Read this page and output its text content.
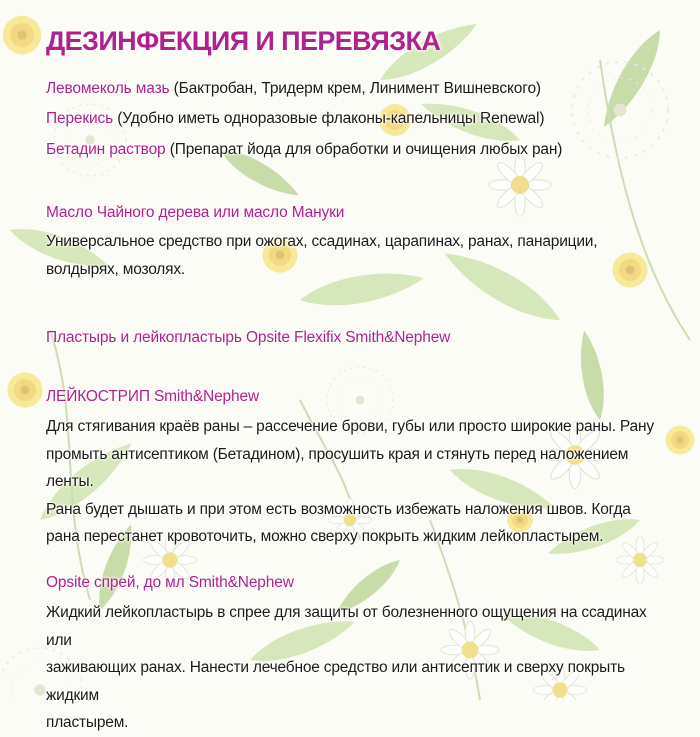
ДЕЗИНФЕКЦИЯ И ПЕРЕВЯЗКА
Левомеколь мазь (Бактробан, Тридерм крем, Линимент Вишневского)
Перекись (Удобно иметь одноразовые флаконы-капельницы Renewal)
Бетадин раствор (Препарат йода для обработки и очищения любых ран)
Масло Чайного дерева или масло Мануки
Универсальное средство при ожогах, ссадинах, царапинах, ранах, панариции,
волдырях, мозолях.
Пластырь и лейкопластырь Opsite Flexifix Smith&Nephew
ЛЕЙКОСТРИП Smith&Nephew
Для стягивания краёв раны – рассечение брови, губы или просто широкие раны. Рану
промыть антисептиком (Бетадином), просушить края и стянуть перед наложением ленты.
Рана будет дышать и при этом есть возможность избежать наложения швов. Когда
рана перестанет кровоточить, можно сверху покрыть жидким лейкопластырем.
Opsite спрей, до мл Smith&Nephew
Жидкий лейкопластырь в спрее для защиты от болезненного ощущения на ссадинах или
заживающих ранах. Нанести лечебное средство или антисептик и сверху покрыть жидким
пластырем.
